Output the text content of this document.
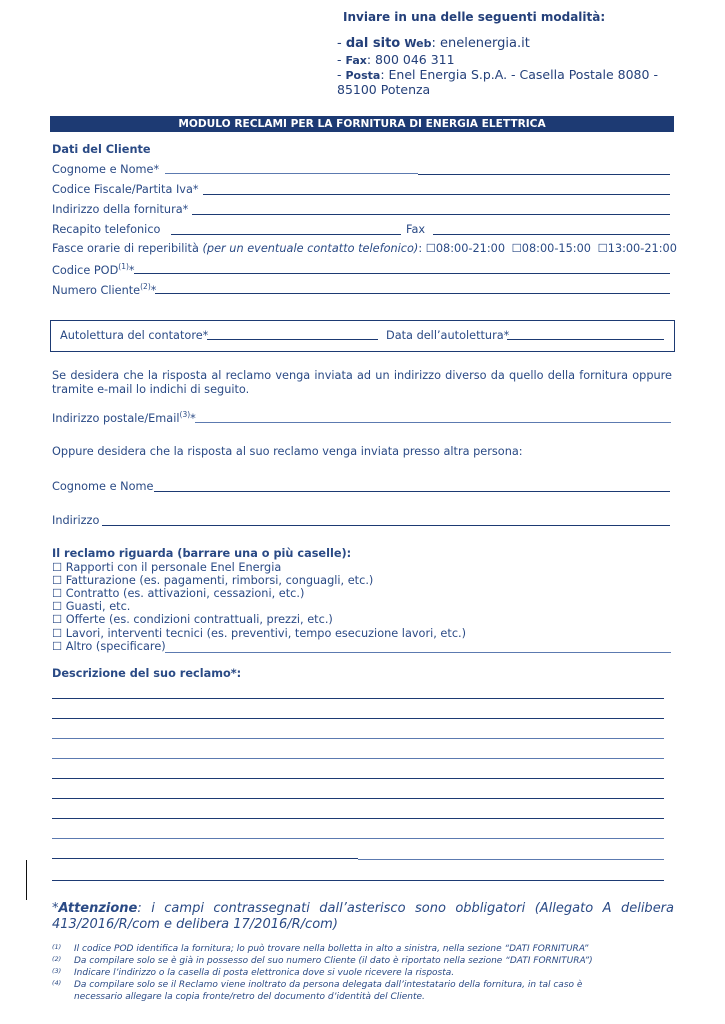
Inviare in una delle seguenti modalità:
- dal sito Web: enelenergia.it
- Fax: 800 046 311
- Posta: Enel Energia S.p.A. - Casella Postale 8080 -
85100 Potenza
MODULO RECLAMI PER LA FORNITURA DI ENERGIA ELETTRICA
Dati del Cliente
Cognome e Nome*
Codice Fiscale/Partita Iva*
Indirizzo della fornitura*
Recapito telefonico	Fax
Fasce orarie di reperibilità (per un eventuale contatto telefonico): ☐08:00-21:00 ☐08:00-15:00 ☐13:00-21:00
Codice POD$^{(1)}$*
Numero Cliente$^{(2)}$*
Autolettura del contatore*	Data dell’autolettura*
Se desidera che la risposta al reclamo venga inviata ad un indirizzo diverso da quello della fornitura oppure tramite e-mail lo indichi di seguito.
Indirizzo postale/Email$^{(3)}$*
Oppure desidera che la risposta al suo reclamo venga inviata presso altra persona:
Cognome e Nome
Indirizzo
Il reclamo riguarda (barrare una o più caselle):
☐ Rapporti con il personale Enel Energia
☐ Fatturazione (es. pagamenti, rimborsi, conguagli, etc.)
☐ Contratto (es. attivazioni, cessazioni, etc.)
☐ Guasti, etc.
☐ Offerte (es. condizioni contrattuali, prezzi, etc.)
☐ Lavori, interventi tecnici (es. preventivi, tempo esecuzione lavori, etc.)
☐ Altro (specificare)
Descrizione del suo reclamo*:
*Attenzione: i campi contrassegnati dall’asterisco sono obbligatori (Allegato A delibera 413/2016/R/com e delibera 17/2016/R/com)
(1) Il codice POD identifica la fornitura; lo può trovare nella bolletta in alto a sinistra, nella sezione “DATI FORNITURA”
(2) Da compilare solo se è già in possesso del suo numero Cliente (il dato è riportato nella sezione “DATI FORNITURA”)
(3) Indicare l’indirizzo o la casella di posta elettronica dove si vuole ricevere la risposta.
(4) Da compilare solo se il Reclamo viene inoltrato da persona delegata dall’intestatario della fornitura, in tal caso è
necessario allegare la copia fronte/retro del documento d’identità del Cliente.
